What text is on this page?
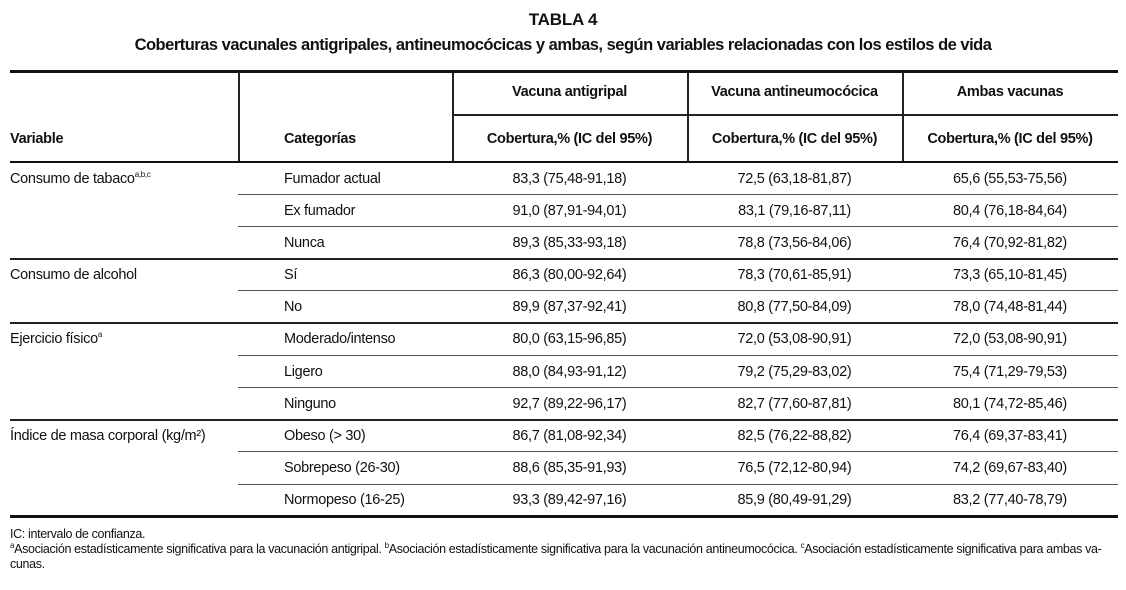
TABLA 4
Coberturas vacunales antigripales, antineumocócicas y ambas, según variables relacionadas con los estilos de vida
Variable	Categorías
Vacuna antigripal	Vacuna antineumocócica	Ambas vacunas
Cobertura,% (IC del 95%)	Cobertura,% (IC del 95%)	Cobertura,% (IC del 95%)
Consumo de tabaco$^{a,b,c}$	Fumador actual	83,3 (75,48-91,18)	72,5 (63,18-81,87)	65,6 (55,53-75,56)
Ex fumador	91,0 (87,91-94,01)	83,1 (79,16-87,11)	80,4 (76,18-84,64)
Nunca	89,3 (85,33-93,18)	78,8 (73,56-84,06)	76,4 (70,92-81,82)
Consumo de alcohol	Sí	86,3 (80,00-92,64)	78,3 (70,61-85,91)	73,3 (65,10-81,45)
No	89,9 (87,37-92,41)	80,8 (77,50-84,09)	78,0 (74,48-81,44)
Ejercicio físico$^a$	Moderado/intenso	80,0 (63,15-96,85)	72,0 (53,08-90,91)	72,0 (53,08-90,91)
Ligero	88,0 (84,93-91,12)	79,2 (75,29-83,02)	75,4 (71,29-79,53)
Ninguno	92,7 (89,22-96,17)	82,7 (77,60-87,81)	80,1 (74,72-85,46)
Índice de masa corporal (kg/m²)	Obeso (> 30)	86,7 (81,08-92,34)	82,5 (76,22-88,82)	76,4 (69,37-83,41)
Sobrepeso (26-30)	88,6 (85,35-91,93)	76,5 (72,12-80,94)	74,2 (69,67-83,40)
Normopeso (16-25)	93,3 (89,42-97,16)	85,9 (80,49-91,29)	83,2 (77,40-78,79)
IC: intervalo de confianza.
$^a$Asociación estadísticamente significativa para la vacunación antigripal. $^b$Asociación estadísticamente significativa para la vacunación antineumocócica. $^c$Asociación estadísticamente significativa para ambas va- cunas.
